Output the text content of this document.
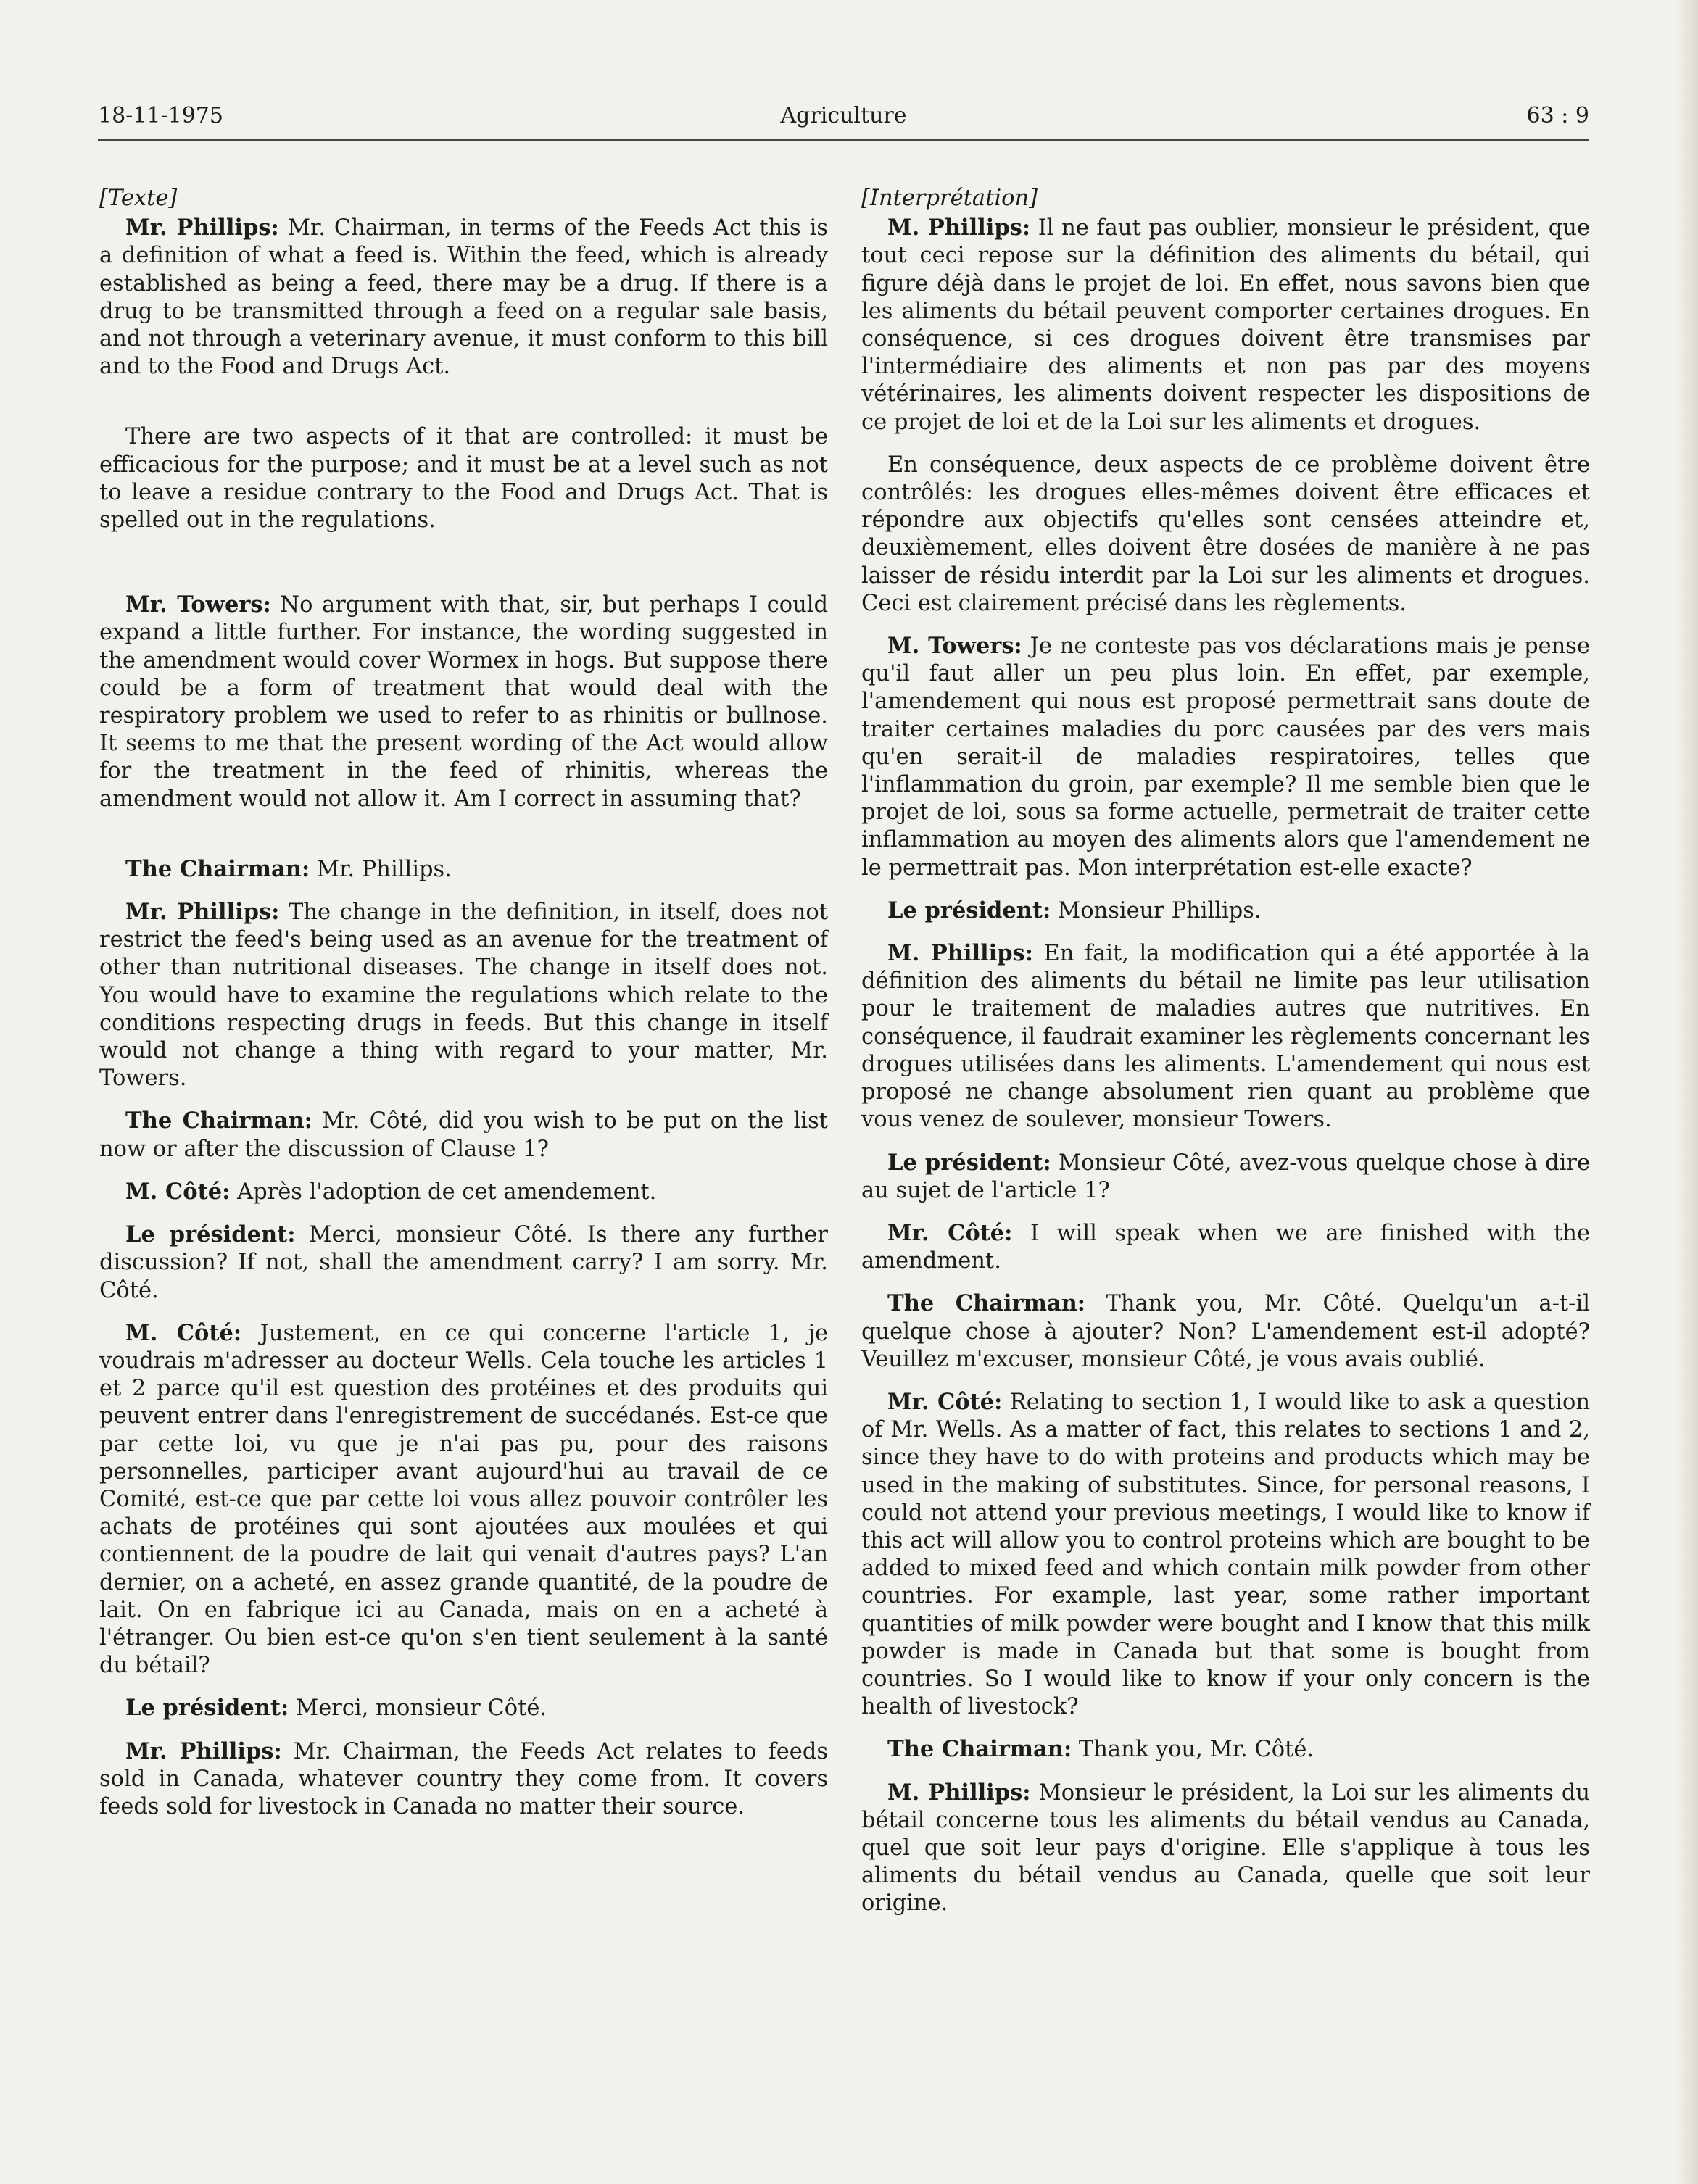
18-11-1975	Agriculture	63 : 9
[Texte]

Mr. Phillips: Mr. Chairman, in terms of the Feeds Act this is a definition of what a feed is. Within the feed, which is already established as being a feed, there may be a drug. If there is a drug to be transmitted through a feed on a regular sale basis, and not through a veterinary avenue, it must conform to this bill and to the Food and Drugs Act.

There are two aspects of it that are controlled: it must be efficacious for the purpose; and it must be at a level such as not to leave a residue contrary to the Food and Drugs Act. That is spelled out in the regulations.

Mr. Towers: No argument with that, sir, but perhaps I could expand a little further. For instance, the wording suggested in the amendment would cover Wormex in hogs. But suppose there could be a form of treatment that would deal with the respiratory problem we used to refer to as rhinitis or bullnose. It seems to me that the present wording of the Act would allow for the treatment in the feed of rhinitis, whereas the amendment would not allow it. Am I correct in assuming that?

The Chairman: Mr. Phillips.

Mr. Phillips: The change in the definition, in itself, does not restrict the feed's being used as an avenue for the treatment of other than nutritional diseases. The change in itself does not. You would have to examine the regulations which relate to the conditions respecting drugs in feeds. But this change in itself would not change a thing with regard to your matter, Mr. Towers.

The Chairman: Mr. Côté, did you wish to be put on the list now or after the discussion of Clause 1?

M. Côté: Après l'adoption de cet amendement.

Le président: Merci, monsieur Côté. Is there any further discussion? If not, shall the amendment carry? I am sorry. Mr. Côté.

M. Côté: Justement, en ce qui concerne l'article 1, je voudrais m'adresser au docteur Wells. Cela touche les articles 1 et 2 parce qu'il est question des protéines et des produits qui peuvent entrer dans l'enregistrement de succédanés. Est-ce que par cette loi, vu que je n'ai pas pu, pour des raisons personnelles, participer avant aujourd'hui au travail de ce Comité, est-ce que par cette loi vous allez pouvoir contrôler les achats de protéines qui sont ajoutées aux moulées et qui contiennent de la poudre de lait qui venait d'autres pays? L'an dernier, on a acheté, en assez grande quantité, de la poudre de lait. On en fabrique ici au Canada, mais on en a acheté à l'étranger. Ou bien est-ce qu'on s'en tient seulement à la santé du bétail?

Le président: Merci, monsieur Côté.

Mr. Phillips: Mr. Chairman, the Feeds Act relates to feeds sold in Canada, whatever country they come from. It covers feeds sold for livestock in Canada no matter their source.

[Interprétation]

M. Phillips: Il ne faut pas oublier, monsieur le président, que tout ceci repose sur la définition des aliments du bétail, qui figure déjà dans le projet de loi. En effet, nous savons bien que les aliments du bétail peuvent comporter certaines drogues. En conséquence, si ces drogues doivent être transmises par l'intermédiaire des aliments et non pas par des moyens vétérinaires, les aliments doivent respecter les dispositions de ce projet de loi et de la Loi sur les aliments et drogues.

En conséquence, deux aspects de ce problème doivent être contrôlés: les drogues elles-mêmes doivent être efficaces et répondre aux objectifs qu'elles sont censées atteindre et, deuxièmement, elles doivent être dosées de manière à ne pas laisser de résidu interdit par la Loi sur les aliments et drogues. Ceci est clairement précisé dans les règlements.

M. Towers: Je ne conteste pas vos déclarations mais je pense qu'il faut aller un peu plus loin. En effet, par exemple, l'amendement qui nous est proposé permettrait sans doute de traiter certaines maladies du porc causées par des vers mais qu'en serait-il de maladies respiratoires, telles que l'inflammation du groin, par exemple? Il me semble bien que le projet de loi, sous sa forme actuelle, permetrait de traiter cette inflammation au moyen des aliments alors que l'amendement ne le permettrait pas. Mon interprétation est-elle exacte?

Le président: Monsieur Phillips.

M. Phillips: En fait, la modification qui a été apportée à la définition des aliments du bétail ne limite pas leur utilisation pour le traitement de maladies autres que nutritives. En conséquence, il faudrait examiner les règlements concernant les drogues utilisées dans les aliments. L'amendement qui nous est proposé ne change absolument rien quant au problème que vous venez de soulever, monsieur Towers.

Le président: Monsieur Côté, avez-vous quelque chose à dire au sujet de l'article 1?

Mr. Côté: I will speak when we are finished with the amendment.

The Chairman: Thank you, Mr. Côté. Quelqu'un a-t-il quelque chose à ajouter? Non? L'amendement est-il adopté? Veuillez m'excuser, monsieur Côté, je vous avais oublié.

Mr. Côté: Relating to section 1, I would like to ask a question of Mr. Wells. As a matter of fact, this relates to sections 1 and 2, since they have to do with proteins and products which may be used in the making of substitutes. Since, for personal reasons, I could not attend your previous meetings, I would like to know if this act will allow you to control proteins which are bought to be added to mixed feed and which contain milk powder from other countries. For example, last year, some rather important quantities of milk powder were bought and I know that this milk powder is made in Canada but that some is bought from countries. So I would like to know if your only concern is the health of livestock?

The Chairman: Thank you, Mr. Côté.

M. Phillips: Monsieur le président, la Loi sur les aliments du bétail concerne tous les aliments du bétail vendus au Canada, quel que soit leur pays d'origine. Elle s'applique à tous les aliments du bétail vendus au Canada, quelle que soit leur origine.
